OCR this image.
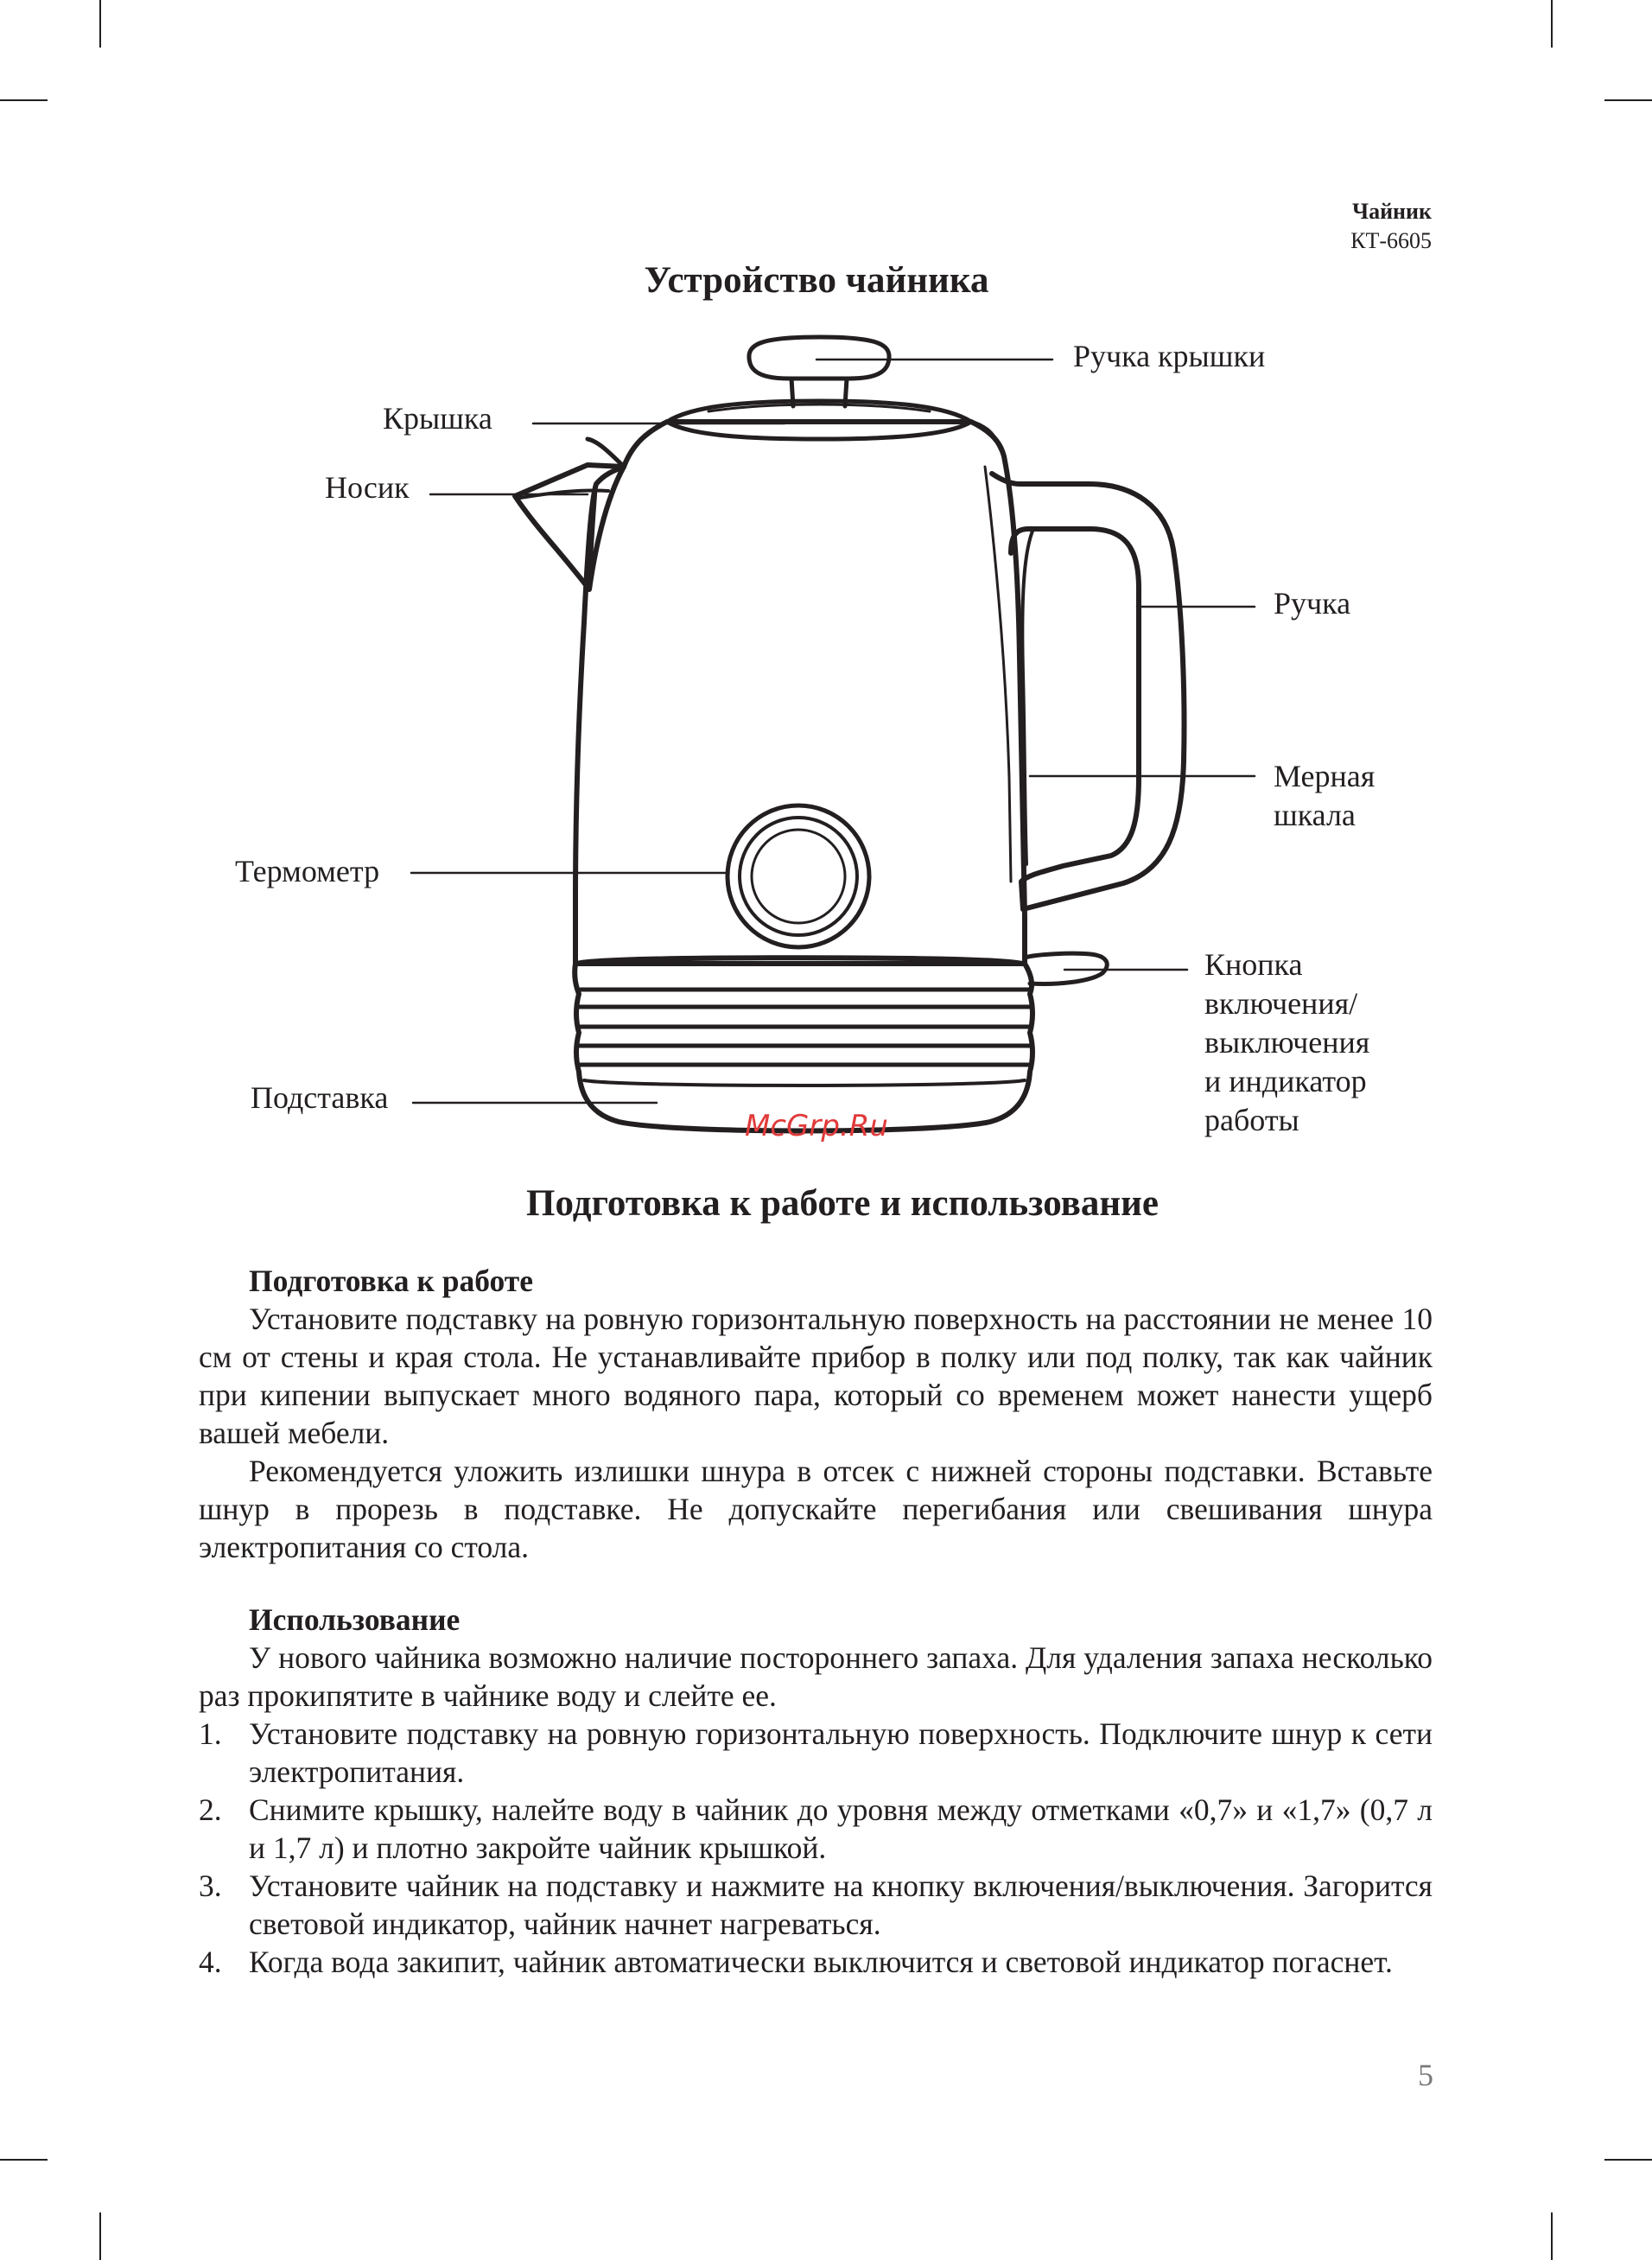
Чайник
КТ-6605
Устройство чайника
Ручка крышки
Крышка
Носик
Ручка
Мерная
шкала
Термометр
Кнопка
включения/
выключения
и индикатор
работы
Подставка
McGrp.Ru
Подготовка к работе и использование

Подготовка к работе

Установите подставку на ровную горизонтальную поверхность на расстоянии не менее 10 см от стены и края стола. Не устанавливайте прибор в полку или под полку, так как чайник при кипении выпускает много водяного пара, который со временем может нанести ущерб вашей мебели.

Рекомендуется уложить излишки шнура в отсек с нижней стороны подставки. Вставьте шнур в прорезь в подставке. Не допускайте перегибания или свешивания шнура электропитания со стола.

Использование

У нового чайника возможно наличие постороннего запаха. Для удаления запаха несколько раз прокипятите в чайнике воду и слейте ее.

1. Установите подставку на ровную горизонтальную поверхность. Подключите шнур к сети электропитания.
2. Снимите крышку, налейте воду в чайник до уровня между отметками «0,7» и «1,7» (0,7 л и 1,7 л) и плотно закройте чайник крышкой.
3. Установите чайник на подставку и нажмите на кнопку включения/выключения. Загорится световой индикатор, чайник начнет нагреваться.
4. Когда вода закипит, чайник автоматически выключится и световой индикатор погаснет.
5
